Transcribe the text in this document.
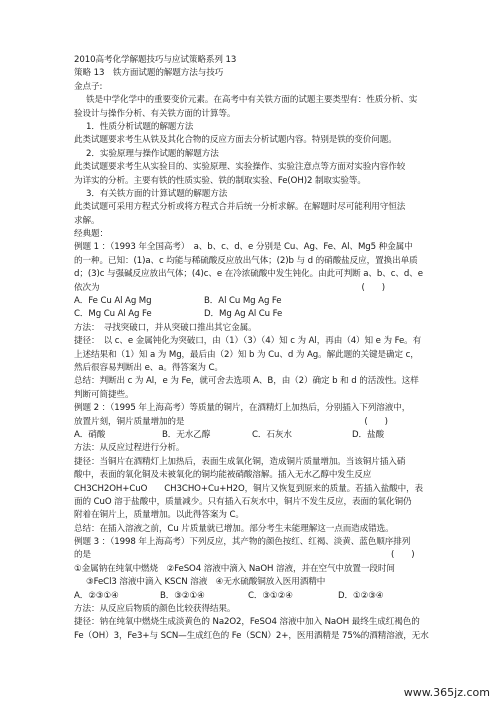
2010高考化学解题技巧与应试策略系列 13
策略 13　铁方面试题的解题方法与技巧
金点子:
铁是中学化学中的重要变价元素。在高考中有关铁方面的试题主要类型有：性质分析、实
验设计与操作分析、有关铁方面的计算等。
1．性质分析试题的解题方法
此类试题要求考生从铁及其化合物的反应方面去分析试题内容。特别是铁的变价问题。
2．实验原理与操作试题的解题方法
此类试题要求考生从实验目的、实验原理、实验操作、实验注意点等方面对实验内容作较
为详实的分析。主要有铁的性质实验、铁的制取实验、Fe(OH)2 制取实验等。
3．有关铁方面的计算试题的解题方法
此类试题可采用方程式分析或将方程式合并后统一分析求解。在解题时尽可能利用守恒法
求解。
经典题：
例题 1 ：（1993 年全国高考）　a、b、c、d、e 分别是 Cu、Ag、Fe、Al、Mg5 种金属中
的一种。已知：(1)a、c 均能与稀硫酸反应放出气体；(2)b 与 d 的硝酸盐反应，置换出单质
d；(3)c 与强碱反应放出气体；(4)c、e 在冷浓硫酸中发生钝化。由此可判断 a、b、c、d、e
依次为	(　　)
A．Fe Cu Al Ag Mg	B．Al Cu Mg Ag Fe
C．Mg Cu Al Ag Fe	D．Mg Ag Al Cu Fe
方法：　寻找突破口，并从突破口推出其它金属。
捷径：　以 c、e 金属钝化为突破口，由（1）（3）（4）知 c 为 Al，再由（4）知 e 为 Fe。有
上述结果和（1）知 a 为 Mg，最后由（2）知 b 为 Cu、d 为 Ag。解此题的关键是确定 c，
然后很容易判断出 e、a。得答案为 C。
总结：判断出 c 为 Al，e 为 Fe，就可舍去选项 A、B，由（2）确定 b 和 d 的活泼性。这样
判断可简捷些。
例题 2 ：（1995 年上海高考）等质量的铜片，在酒精灯上加热后，分别插入下列溶液中，
放置片刻，铜片质量增加的是	(　　)
A．硝酸	B．无水乙醇	C．石灰水	D．盐酸
方法：从反应过程进行分析。
捷径：当铜片在酒精灯上加热后，表面生成氧化铜，造成铜片质量增加。当该铜片插入硝
酸中，表面的氧化铜及未被氧化的铜均能被硝酸溶解。插入无水乙醇中发生反应
CH3CH2OH+CuO　　CH3CHO+Cu+H2O，铜片又恢复到原来的质量。若插入盐酸中，表
面的 CuO 溶于盐酸中，质量减少。只有插入石灰水中，铜片不发生反应，表面的氧化铜仍
附着在铜片上，质量增加。以此得答案为 C。
总结：在插入溶液之前，Cu 片质量就已增加。部分考生未能理解这一点而造成错选。
例题 3 ：（1998 年上海高考）下列反应，其产物的颜色按红、红褐、淡黄、蓝色顺序排列
的是	(　　)
①金属钠在纯氧中燃烧　②FeSO4 溶液中滴入 NaOH 溶液，并在空气中放置一段时间
③FeCl3 溶液中滴入 KSCN 溶液　④无水硫酸铜放入医用酒精中
A．②③①④	B．③②①④	C．③①②④	D．①②③④
方法：从反应后物质的颜色比较获得结果。
捷径：钠在纯氧中燃烧生成淡黄色的 Na2O2，FeSO4 溶液中加入 NaOH 最终生成红褐色的
Fe（OH）3，Fe3+与 SCN—生成红色的 Fe（SCN）2+，医用酒精是 75%的酒精溶液，无水
www.365jz.com
